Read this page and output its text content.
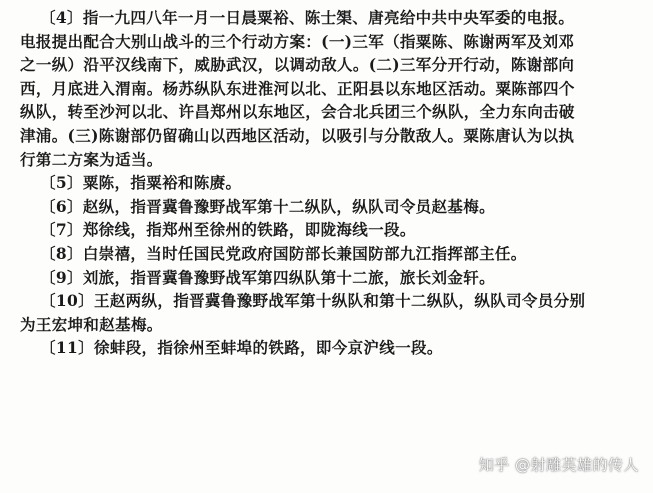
〔4〕指一九四八年一月一日晨粟裕、陈士榘、唐亮给中共中央军委的电报。
电报提出配合大别山战斗的三个行动方案：(一)三军（指粟陈、陈谢两军及刘邓
之一纵）沿平汉线南下，威胁武汉，以调动敌人。(二)三军分开行动，陈谢部向
西，月底进入渭南。杨苏纵队东进淮河以北、正阳县以东地区活动。粟陈部四个
纵队，转至沙河以北、许昌郑州以东地区，会合北兵团三个纵队，全力东向击破
津浦。(三)陈谢部仍留确山以西地区活动，以吸引与分散敌人。粟陈唐认为以执
行第二方案为适当。
〔5〕粟陈，指粟裕和陈赓。
〔6〕赵纵，指晋冀鲁豫野战军第十二纵队，纵队司令员赵基梅。
〔7〕郑徐线，指郑州至徐州的铁路，即陇海线一段。
〔8〕白崇禧，当时任国民党政府国防部长兼国防部九江指挥部主任。
〔9〕刘旅，指晋冀鲁豫野战军第四纵队第十二旅，旅长刘金轩。
〔10〕王赵两纵，指晋冀鲁豫野战军第十纵队和第十二纵队，纵队司令员分别
为王宏坤和赵基梅。
〔11〕徐蚌段，指徐州至蚌埠的铁路，即今京沪线一段。
知乎 @射雕英雄的传人
